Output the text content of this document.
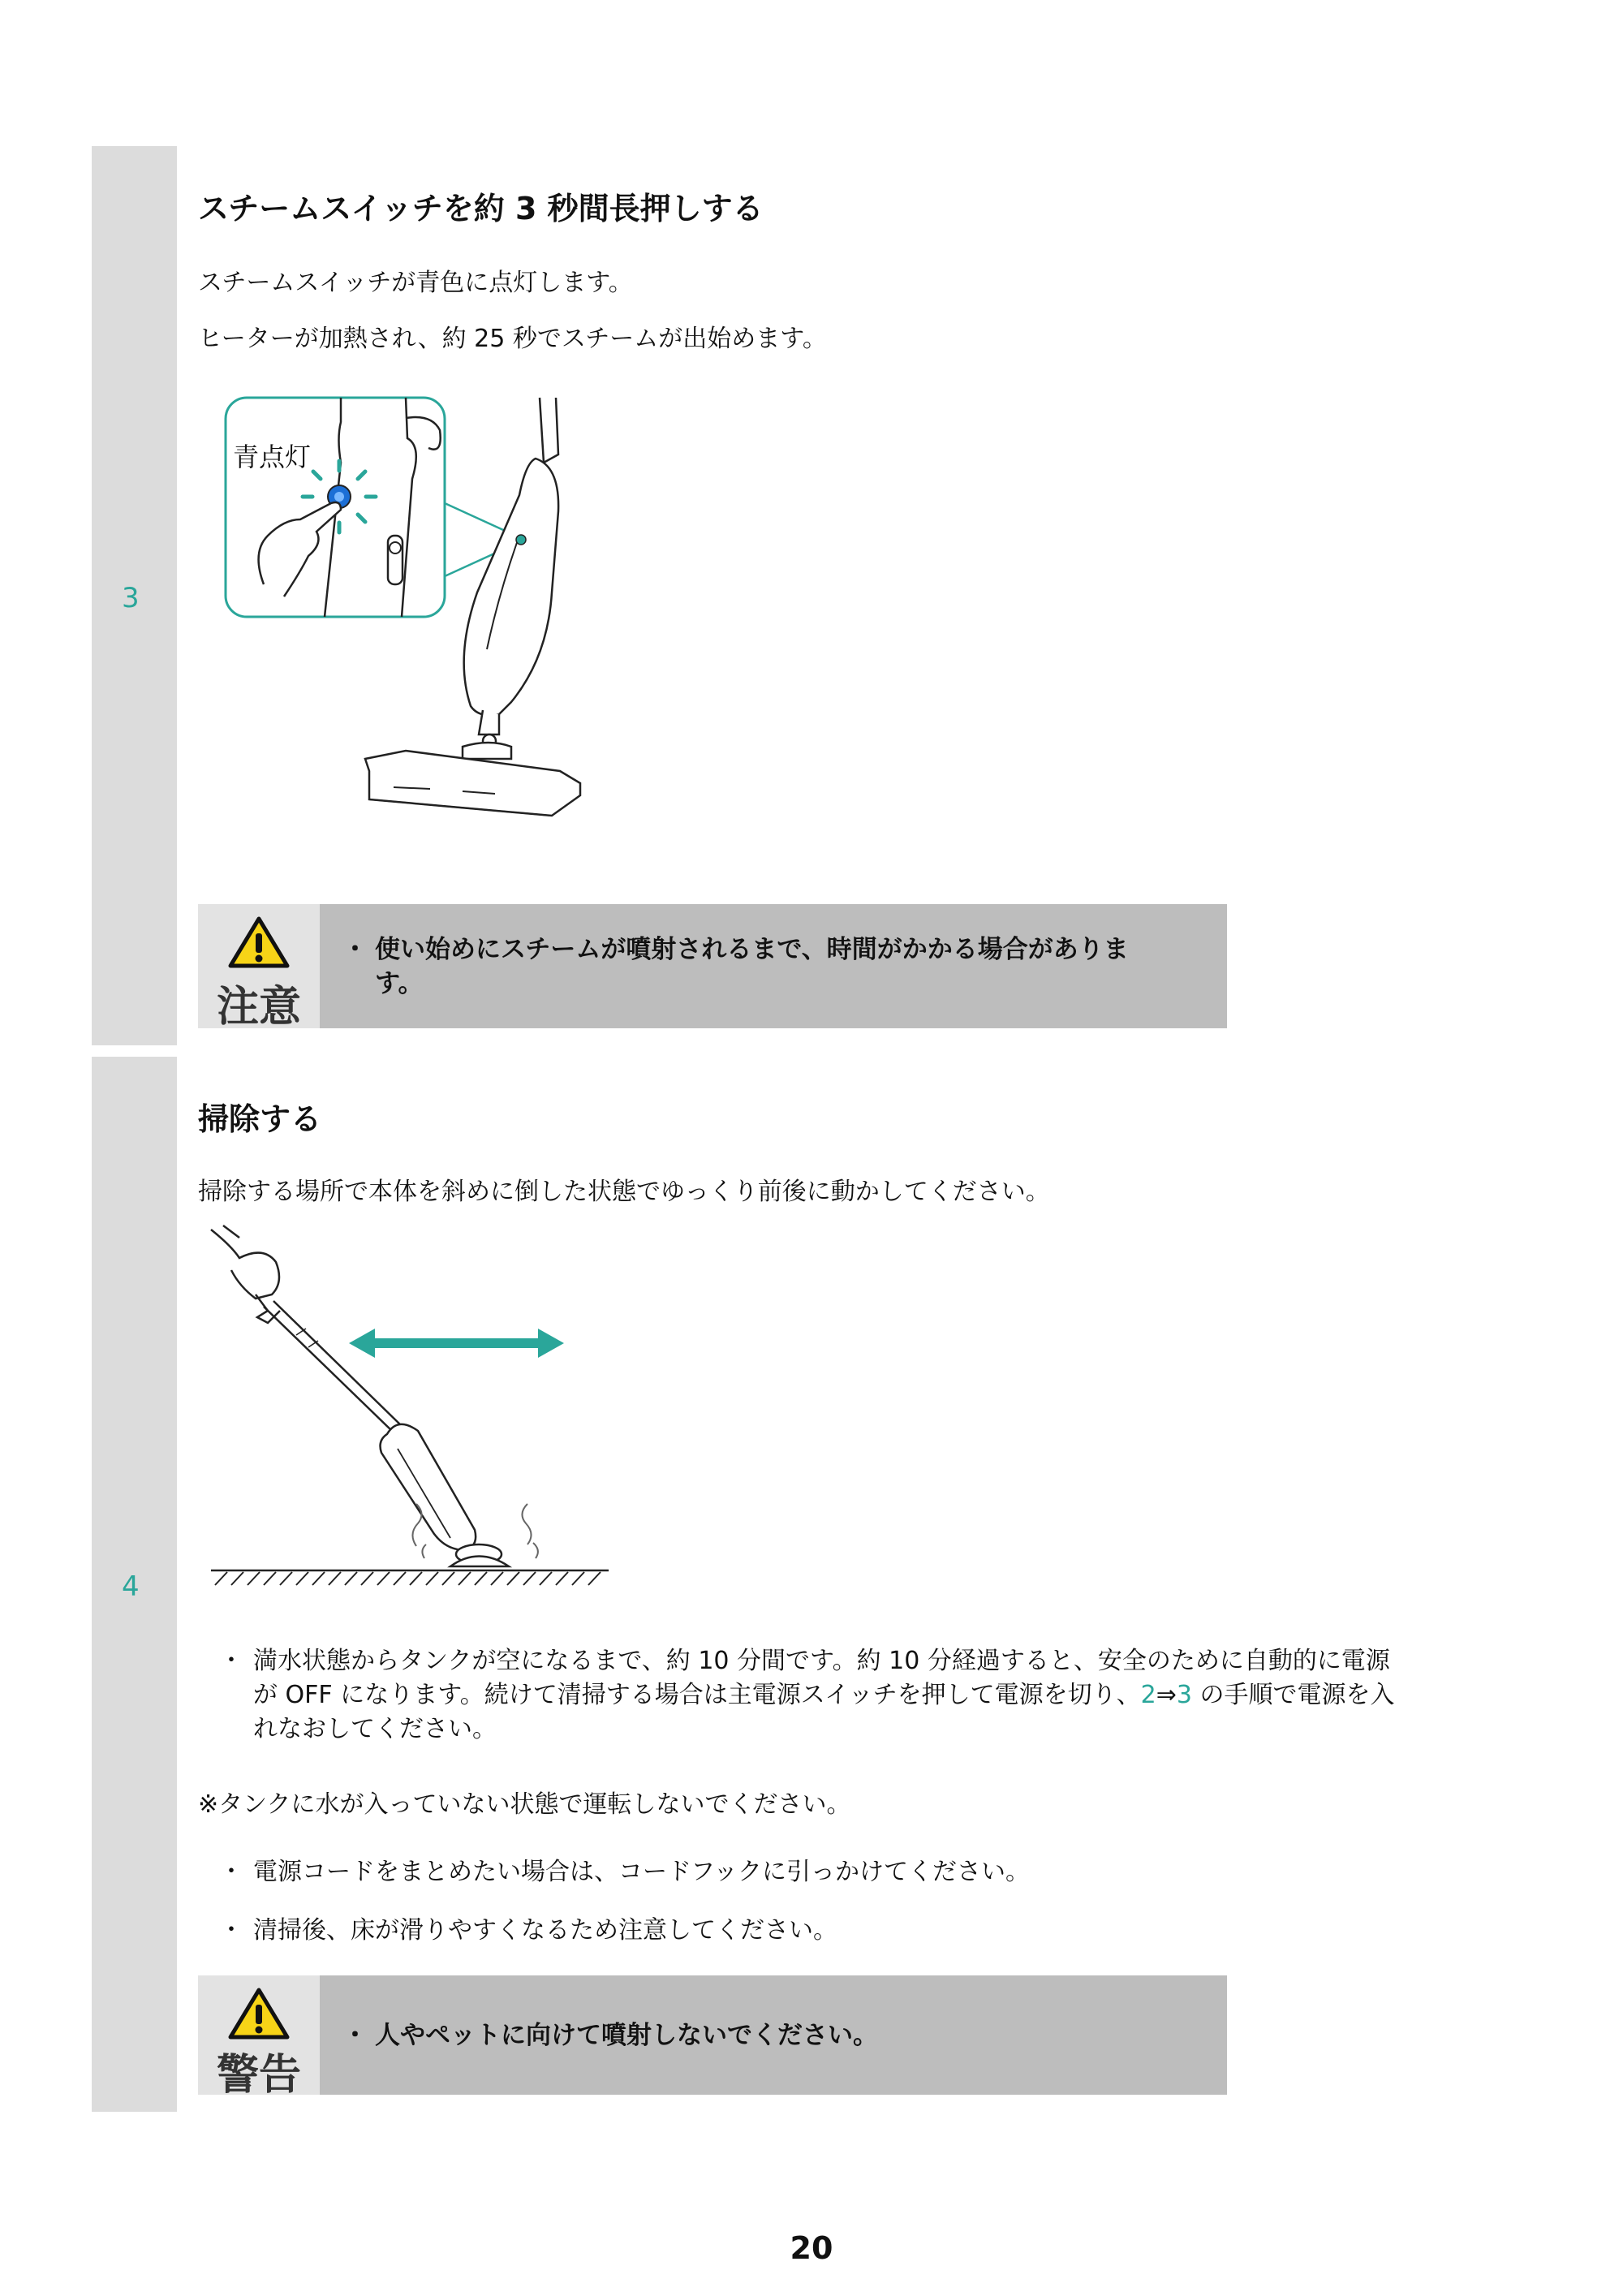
3
スチームスイッチを約 3 秒間長押しする
スチームスイッチが青色に点灯します。
ヒーターが加熱され、約 25 秒でスチームが出始めます。
青点灯
注意
・ 使い始めにスチームが噴射されるまで、時間がかかる場合がありま
す。
4
掃除する
掃除する場所で本体を斜めに倒した状態でゆっくり前後に動かしてください。
・ 満水状態からタンクが空になるまで、約 10 分間です。約 10 分経過すると、安全のために自動的に電源
が OFF になります。続けて清掃する場合は主電源スイッチを押して電源を切り、2⇒3 の手順で電源を入
れなおしてください。
※タンクに水が入っていない状態で運転しないでください。
・ 電源コードをまとめたい場合は、コードフックに引っかけてください。
・ 清掃後、床が滑りやすくなるため注意してください。
警告
・ 人やペットに向けて噴射しないでください。
20
